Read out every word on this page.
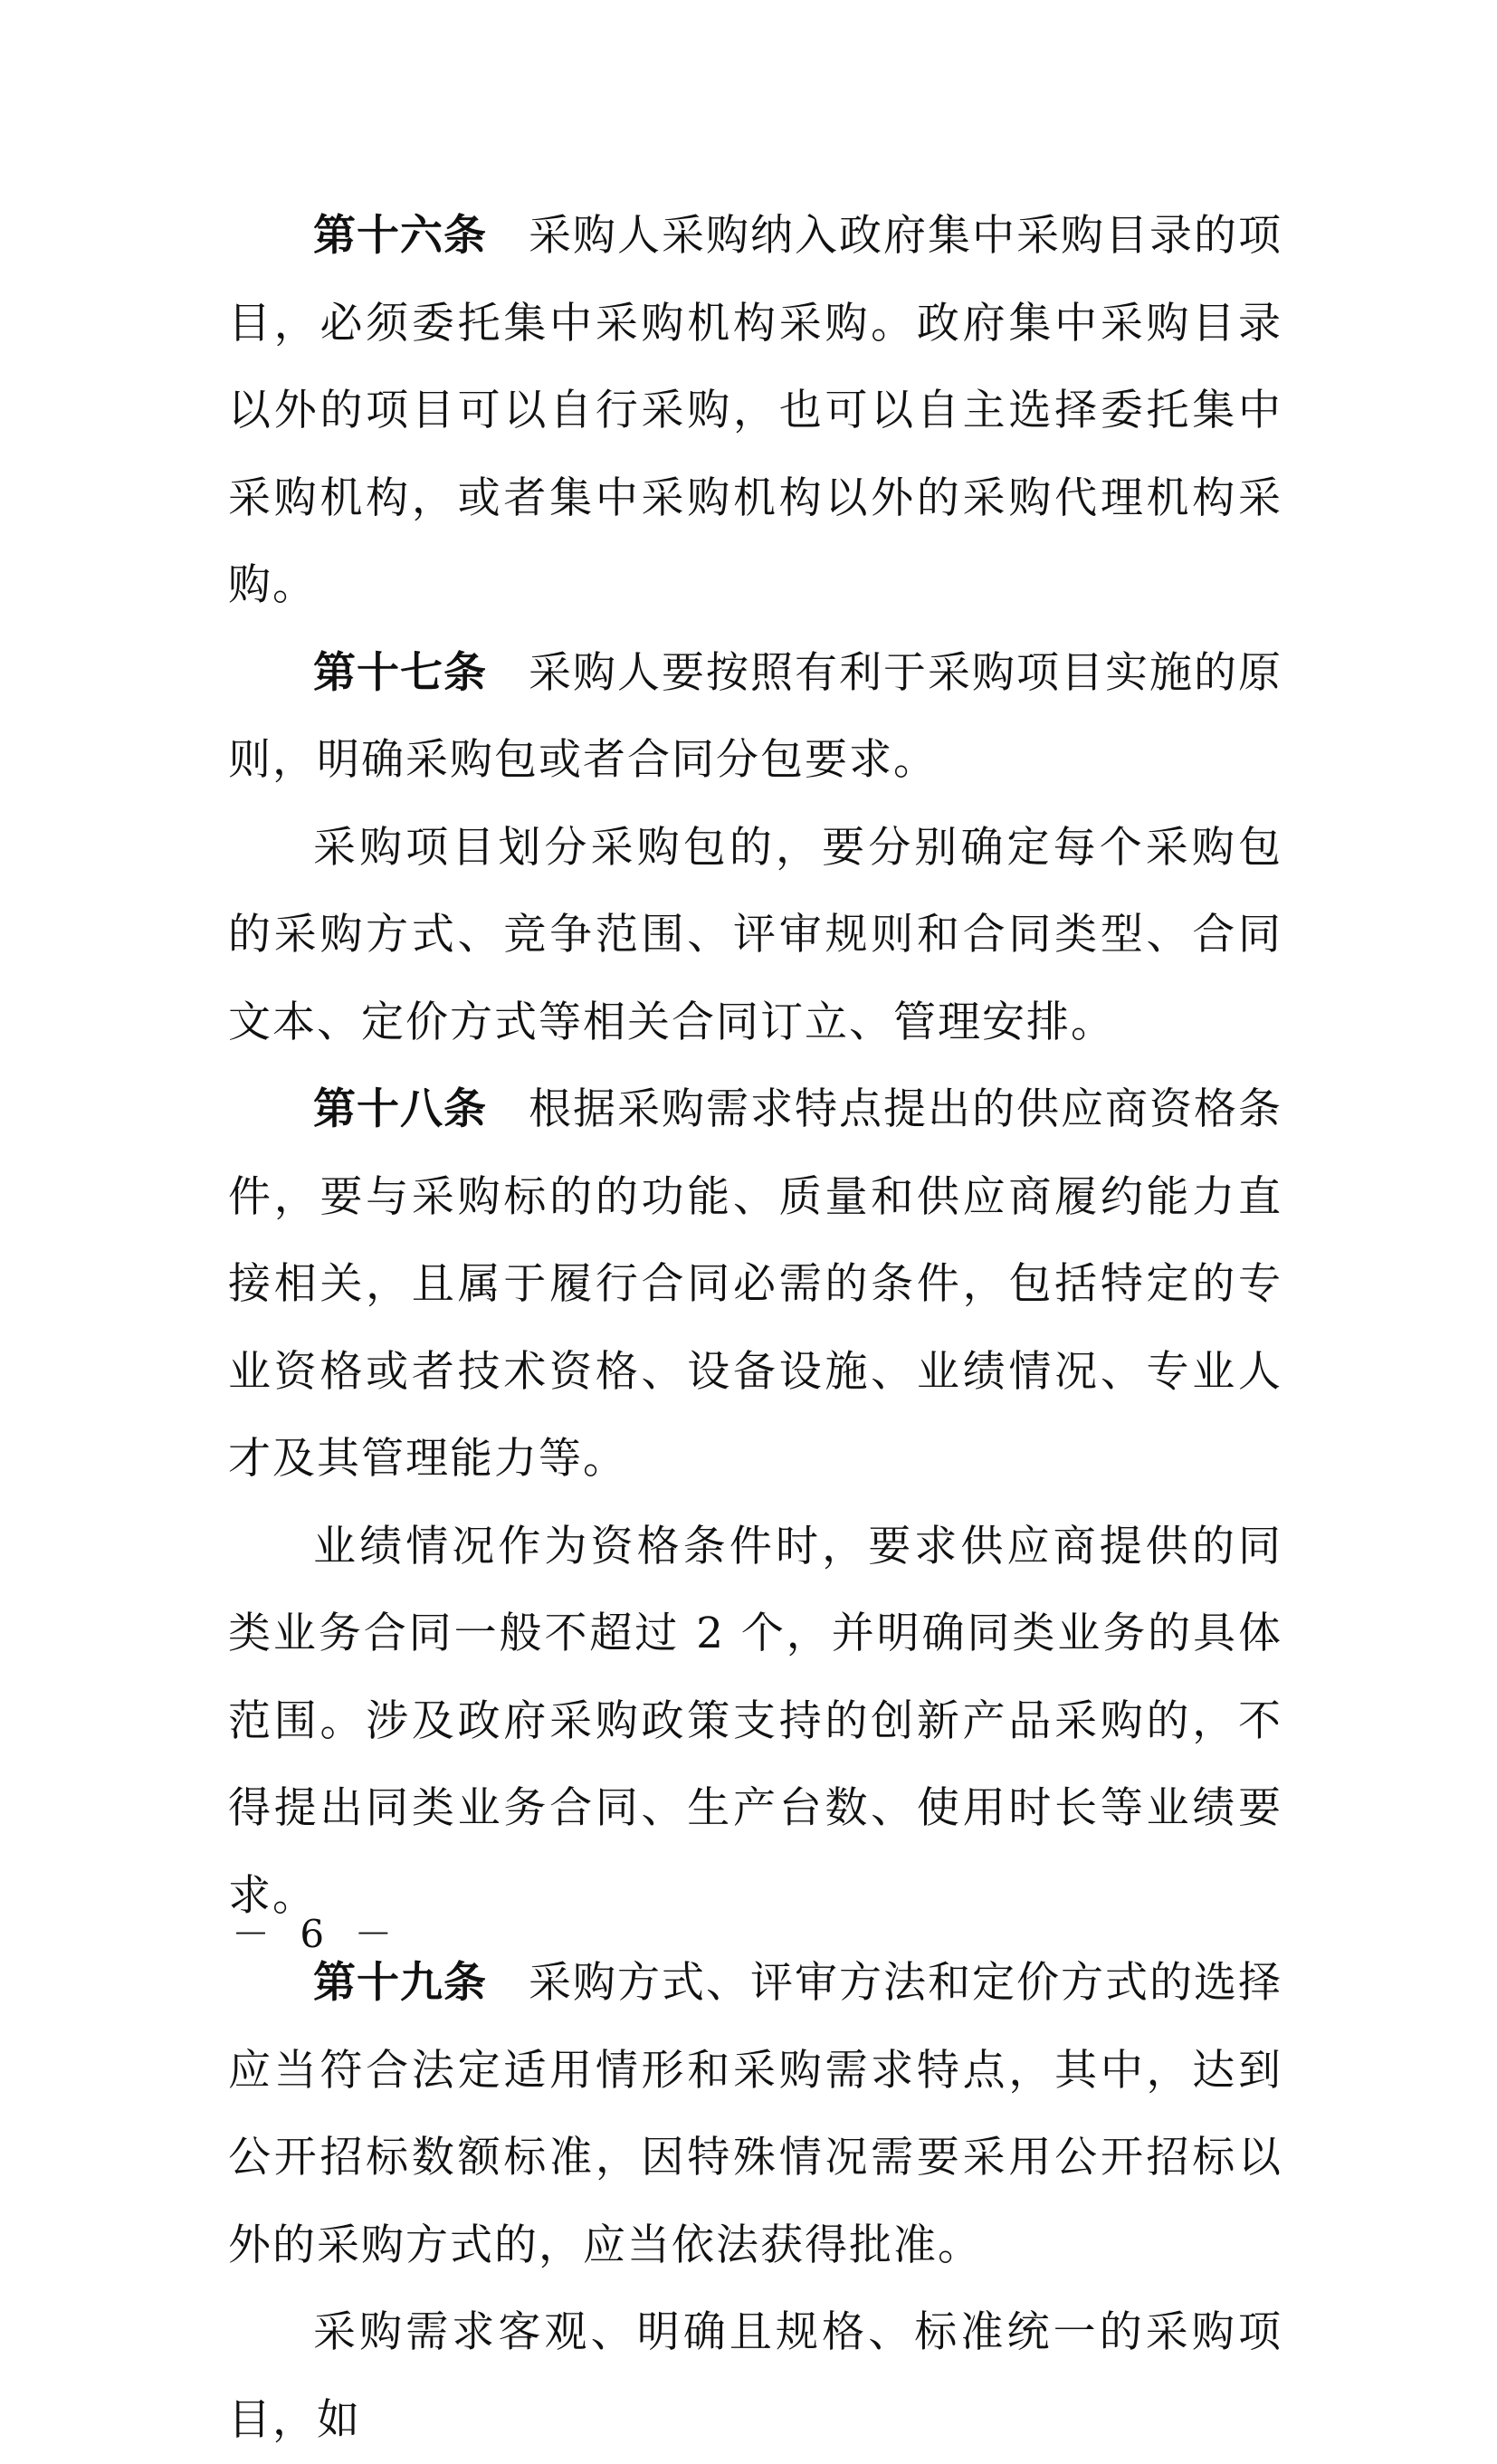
第十六条 采购人采购纳入政府集中采购目录的项目，必须委托集中采购机构采购。政府集中采购目录以外的项目可以自行采购，也可以自主选择委托集中采购机构，或者集中采购机构以外的采购代理机构采购。

第十七条 采购人要按照有利于采购项目实施的原则，明确采购包或者合同分包要求。

采购项目划分采购包的，要分别确定每个采购包的采购方式、竞争范围、评审规则和合同类型、合同文本、定价方式等相关合同订立、管理安排。

第十八条 根据采购需求特点提出的供应商资格条件，要与采购标的的功能、质量和供应商履约能力直接相关，且属于履行合同必需的条件，包括特定的专业资格或者技术资格、设备设施、业绩情况、专业人才及其管理能力等。

业绩情况作为资格条件时，要求供应商提供的同类业务合同一般不超过 2 个，并明确同类业务的具体范围。涉及政府采购政策支持的创新产品采购的，不得提出同类业务合同、生产台数、使用时长等业绩要求。

第十九条 采购方式、评审方法和定价方式的选择应当符合法定适用情形和采购需求特点，其中，达到公开招标数额标准，因特殊情况需要采用公开招标以外的采购方式的，应当依法获得批准。

采购需求客观、明确且规格、标准统一的采购项目，如

－ 6 －
